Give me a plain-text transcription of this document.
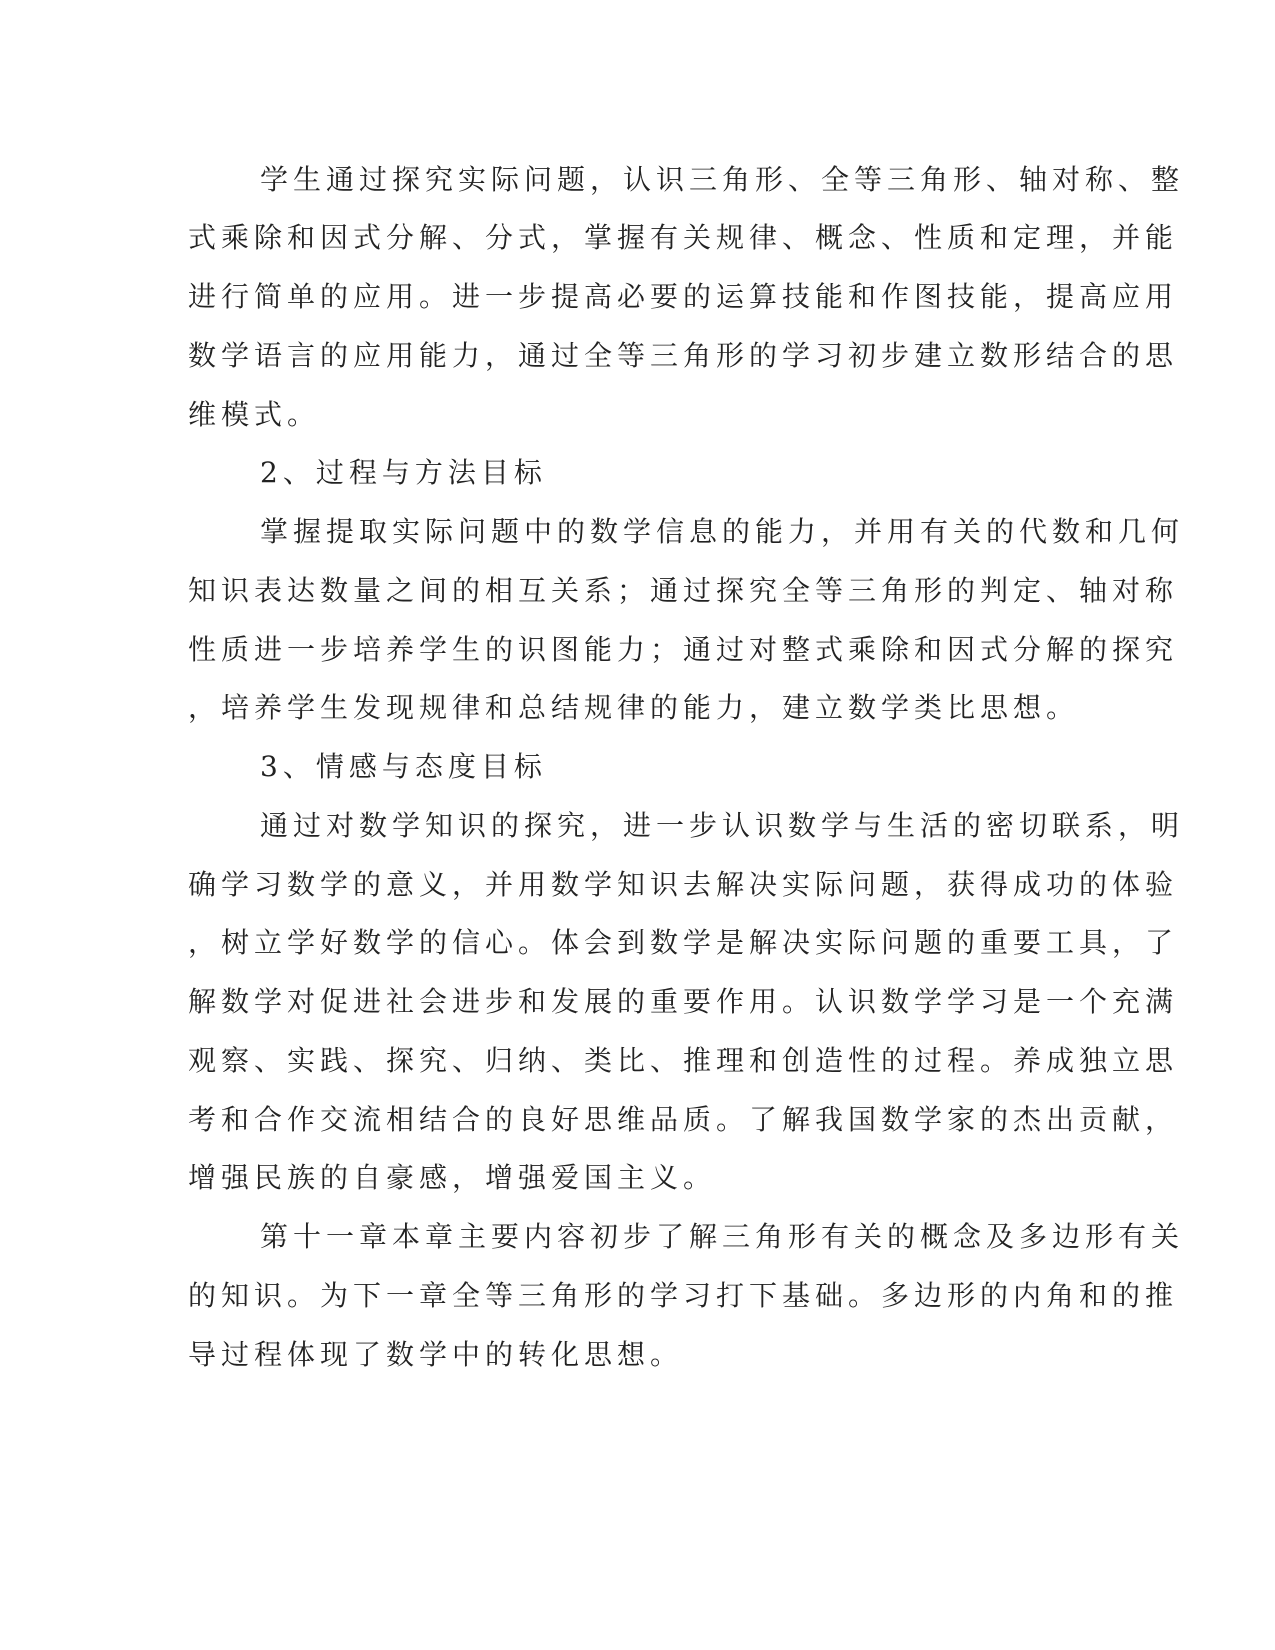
学生通过探究实际问题，认识三角形、全等三角形、轴对称、整
式乘除和因式分解、分式，掌握有关规律、概念、性质和定理，并能
进行简单的应用。进一步提高必要的运算技能和作图技能，提高应用
数学语言的应用能力，通过全等三角形的学习初步建立数形结合的思
维模式。
2、过程与方法目标
掌握提取实际问题中的数学信息的能力，并用有关的代数和几何
知识表达数量之间的相互关系；通过探究全等三角形的判定、轴对称
性质进一步培养学生的识图能力；通过对整式乘除和因式分解的探究
，培养学生发现规律和总结规律的能力，建立数学类比思想。
3、情感与态度目标
通过对数学知识的探究，进一步认识数学与生活的密切联系，明
确学习数学的意义，并用数学知识去解决实际问题，获得成功的体验
，树立学好数学的信心。体会到数学是解决实际问题的重要工具，了
解数学对促进社会进步和发展的重要作用。认识数学学习是一个充满
观察、实践、探究、归纳、类比、推理和创造性的过程。养成独立思
考和合作交流相结合的良好思维品质。了解我国数学家的杰出贡献，
增强民族的自豪感，增强爱国主义。
第十一章本章主要内容初步了解三角形有关的概念及多边形有关
的知识。为下一章全等三角形的学习打下基础。多边形的内角和的推
导过程体现了数学中的转化思想。
